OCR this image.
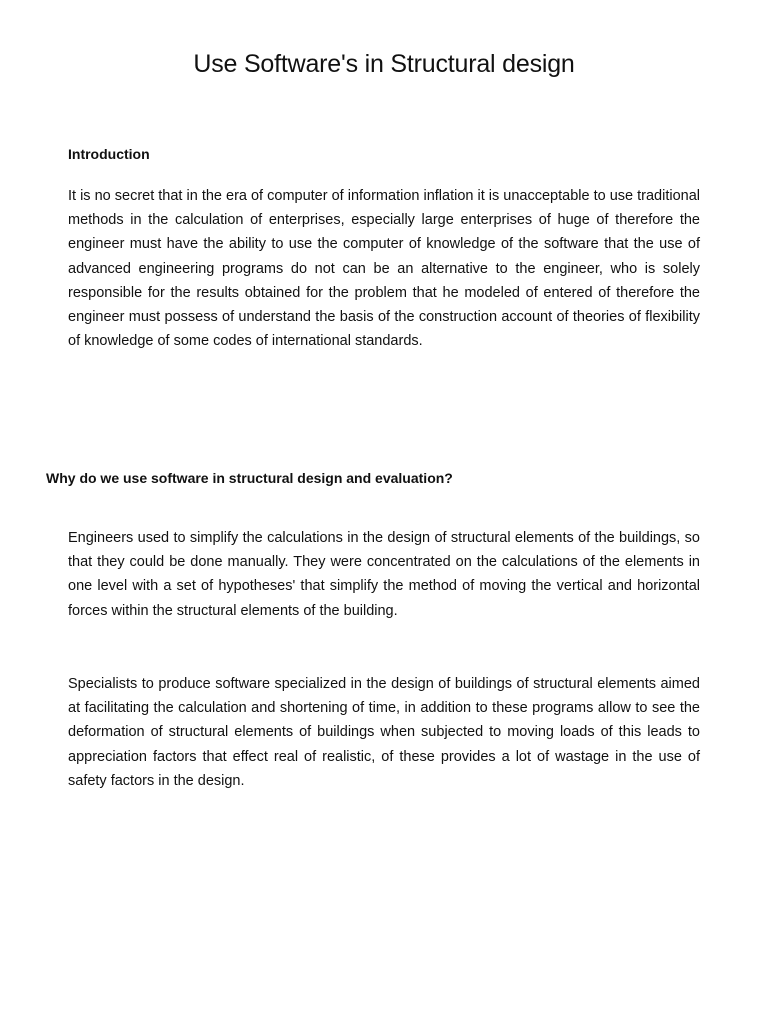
Use Software's in Structural design
Introduction

It is no secret that in the era of computer of information inflation it is unacceptable to use traditional methods in the calculation of enterprises, especially large enterprises of huge of therefore the engineer must have the ability to use the computer of knowledge of the software that the use of advanced engineering programs do not can be an alternative to the engineer, who is solely responsible for the results obtained for the problem that he modeled of entered of therefore the engineer must possess of understand the basis of the construction account of theories of flexibility of knowledge of some codes of international standards.

Why do we use software in structural design and evaluation?

Engineers used to simplify the calculations in the design of structural elements of the buildings, so that they could be done manually. They were concentrated on the calculations of the elements in one level with a set of hypotheses' that simplify the method of moving the vertical and horizontal forces within the structural elements of the building.

Specialists to produce software specialized in the design of buildings of structural elements aimed at facilitating the calculation and shortening of time, in addition to these programs allow to see the deformation of structural elements of buildings when subjected to moving loads of this leads to appreciation factors that effect real of realistic, of these provides a lot of wastage in the use of safety factors in the design.
